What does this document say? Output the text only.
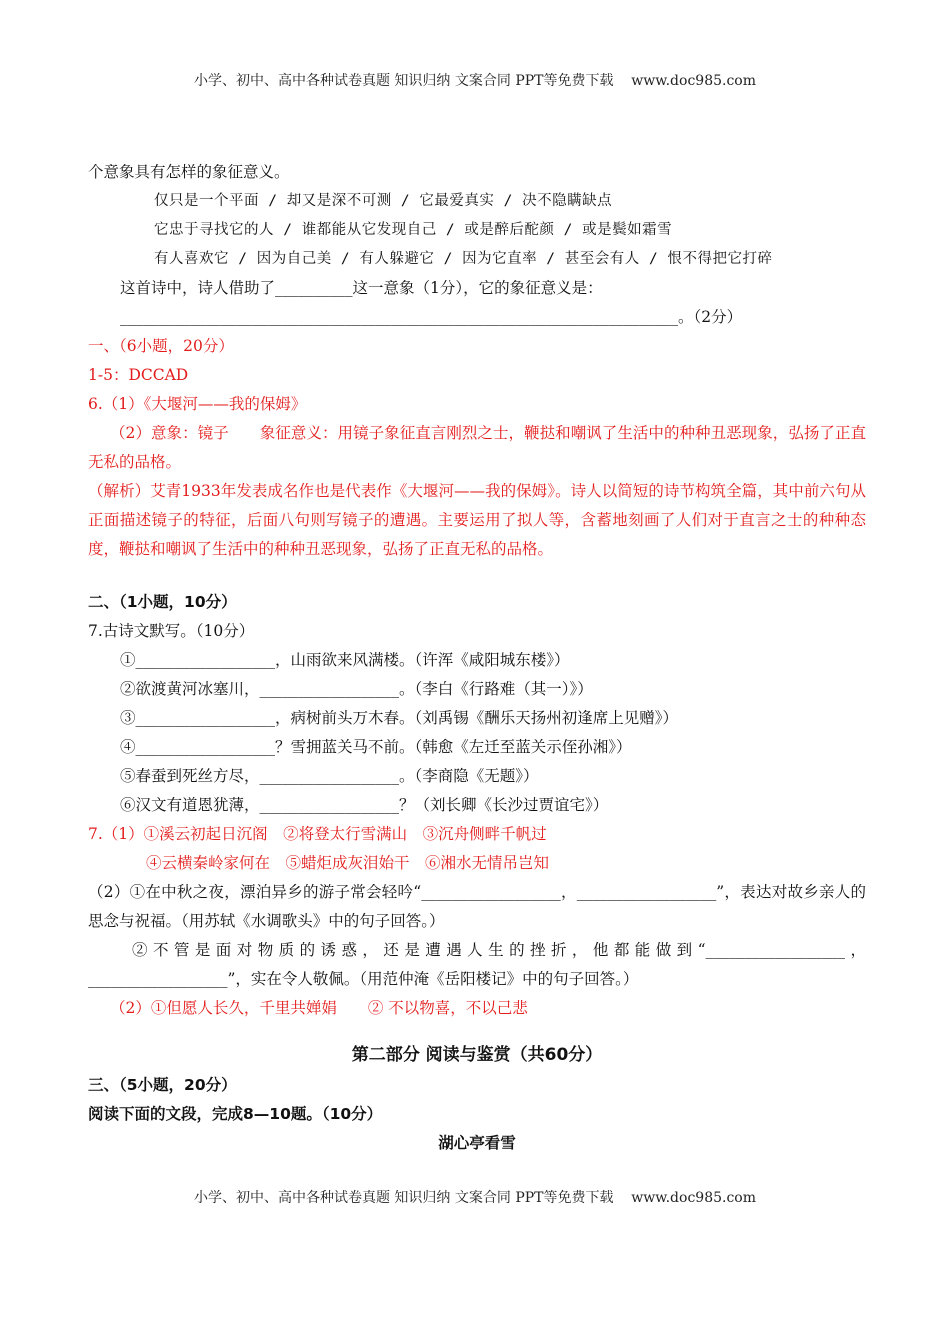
小学、初中、高中各种试卷真题 知识归纳 文案合同 PPT等免费下载    www.doc985.com
个意象具有怎样的象征意义。
仅只是一个平面 / 却又是深不可测 / 它最爱真实 / 决不隐瞒缺点
它忠于寻找它的人 / 谁都能从它发现自己 / 或是醉后酡颜 / 或是鬓如霜雪
有人喜欢它 / 因为自己美 / 有人躲避它 / 因为它直率 / 甚至会有人 / 恨不得把它打碎
这首诗中，诗人借助了__________这一意象（1分），它的象征意义是：
________________________________________________________________________。（2分）
一、（6小题，20分）
1-5：DCCAD
6.（1）《大堰河——我的保姆》
（2）意象：镜子　　象征意义：用镜子象征直言刚烈之士，鞭挞和嘲讽了生活中的种种丑恶现象，弘扬了正直无私的品格。
（解析）艾青1933年发表成名作也是代表作《大堰河——我的保姆》。诗人以简短的诗节构筑全篇，其中前六句从正面描述镜子的特征，后面八句则写镜子的遭遇。主要运用了拟人等，含蓄地刻画了人们对于直言之士的种种态度，鞭挞和嘲讽了生活中的种种丑恶现象，弘扬了正直无私的品格。
二、（1小题，10分）
7.古诗文默写。（10分）
①__________________，山雨欲来风满楼。（许浑《咸阳城东楼》）
②欲渡黄河冰塞川，__________________。（李白《行路难（其一）》）
③__________________，病树前头万木春。（刘禹锡《酬乐天扬州初逢席上见赠》）
④__________________？雪拥蓝关马不前。（韩愈《左迁至蓝关示侄孙湘》）
⑤春蚕到死丝方尽，__________________。（李商隐《无题》）
⑥汉文有道恩犹薄，__________________？（刘长卿《长沙过贾谊宅》）
7.（1）①溪云初起日沉阁　②将登太行雪满山　③沉舟侧畔千帆过
④云横秦岭家何在　⑤蜡炬成灰泪始干　⑥湘水无情吊岂知
（2）①在中秋之夜，漂泊异乡的游子常会轻吟“__________________，__________________”，表达对故乡亲人的思念与祝福。（用苏轼《水调歌头》中的句子回答。）
②不管是面对物质的诱惑，还是遭遇人生的挫折，他都能做到“__________________，__________________”，实在令人敬佩。（用范仲淹《岳阳楼记》中的句子回答。）
（2）①但愿人长久，千里共婵娟　　② 不以物喜，不以己悲
第二部分 阅读与鉴赏（共60分）
三、（5小题，20分）
阅读下面的文段，完成8—10题。（10分）
湖心亭看雪
小学、初中、高中各种试卷真题 知识归纳 文案合同 PPT等免费下载    www.doc985.com
